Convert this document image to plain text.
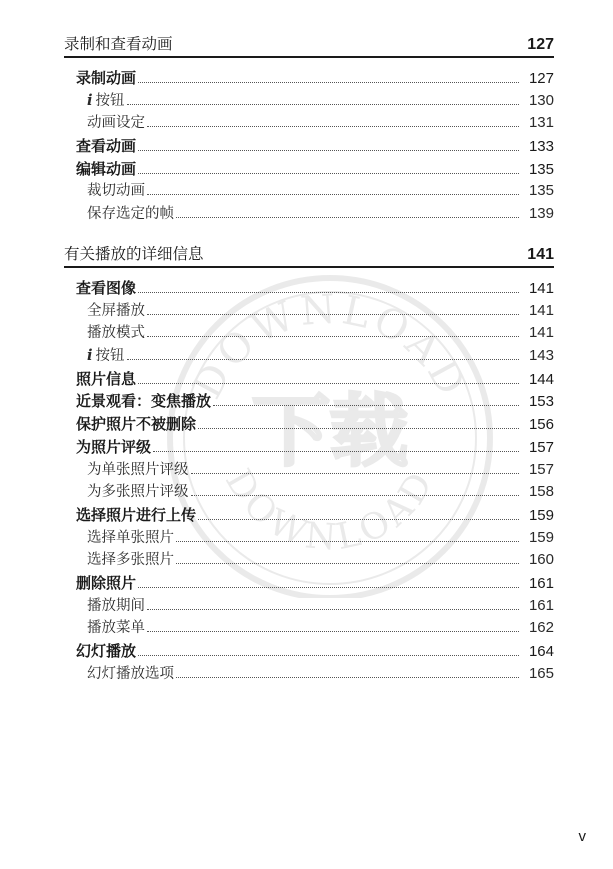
DOWNLOAD
DOWNLOAD
下载
录制和查看动画	127
录制动画	127
i 按钮	130
动画设定	131
查看动画	133
编辑动画	135
裁切动画	135
保存选定的帧	139
有关播放的详细信息	141
查看图像	141
全屏播放	141
播放模式	141
i 按钮	143
照片信息	144
近景观看：变焦播放	153
保护照片不被删除	156
为照片评级	157
为单张照片评级	157
为多张照片评级	158
选择照片进行上传	159
选择单张照片	159
选择多张照片	160
删除照片	161
播放期间	161
播放菜单	162
幻灯播放	164
幻灯播放选项	165
v
